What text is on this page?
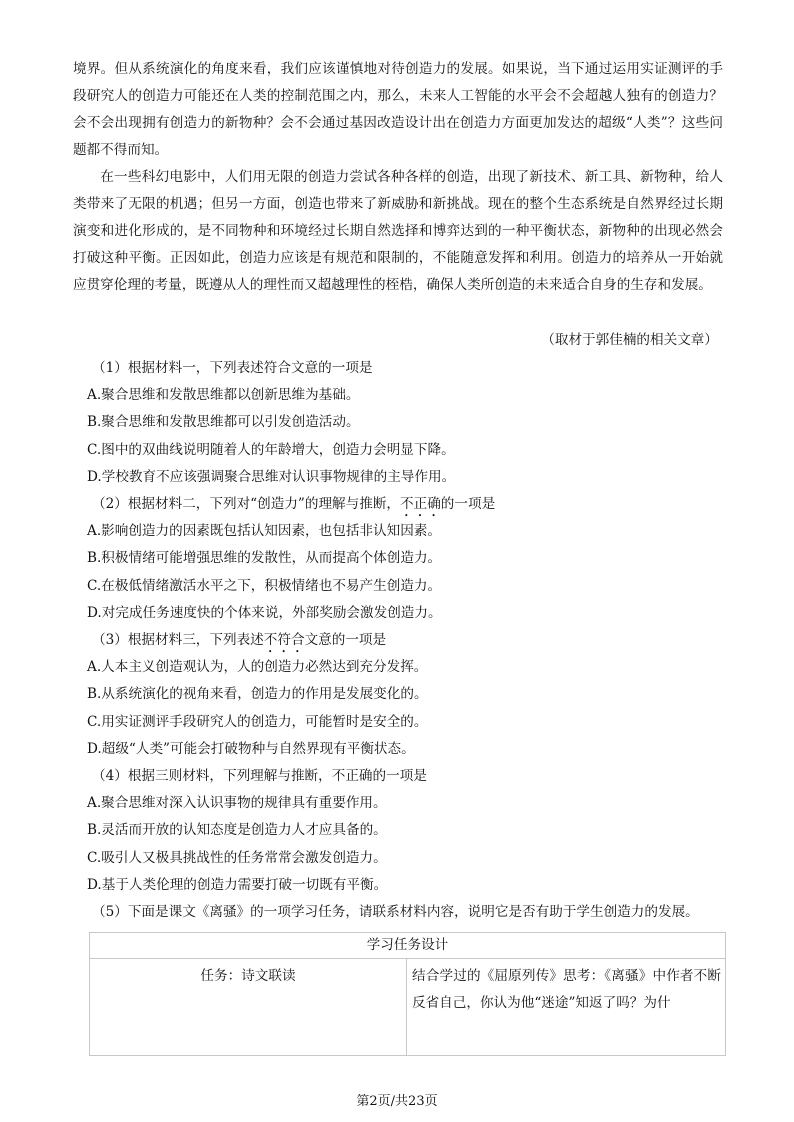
境界。但从系统演化的角度来看，我们应该谨慎地对待创造力的发展。如果说，当下通过运用实证测评的手段研究人的创造力可能还在人类的控制范围之内，那么，未来人工智能的水平会不会超越人独有的创造力？会不会出现拥有创造力的新物种？会不会通过基因改造设计出在创造力方面更加发达的超级“人类”？这些问题都不得而知。

在一些科幻电影中，人们用无限的创造力尝试各种各样的创造，出现了新技术、新工具、新物种，给人类带来了无限的机遇；但另一方面，创造也带来了新威胁和新挑战。现在的整个生态系统是自然界经过长期演变和进化形成的，是不同物种和环境经过长期自然选择和博弈达到的一种平衡状态，新物种的出现必然会打破这种平衡。正因如此，创造力应该是有规范和限制的，不能随意发挥和利用。创造力的培养从一开始就应贯穿伦理的考量，既遵从人的理性而又超越理性的桎梏，确保人类所创造的未来适合自身的生存和发展。

（取材于郭佳楠的相关文章）
（1）根据材料一，下列表述符合文意的一项是
A.聚合思维和发散思维都以创新思维为基础。
B.聚合思维和发散思维都可以引发创造活动。
C.图中的双曲线说明随着人的年龄增大，创造力会明显下降。
D.学校教育不应该强调聚合思维对认识事物规律的主导作用。
（2）根据材料二，下列对“创造力”的理解与推断，不正确的一项是
A.影响创造力的因素既包括认知因素，也包括非认知因素。
B.积极情绪可能增强思维的发散性，从而提高个体创造力。
C.在极低情绪激活水平之下，积极情绪也不易产生创造力。
D.对完成任务速度快的个体来说，外部奖励会激发创造力。
（3）根据材料三，下列表述不符合文意的一项是
A.人本主义创造观认为，人的创造力必然达到充分发挥。
B.从系统演化的视角来看，创造力的作用是发展变化的。
C.用实证测评手段研究人的创造力，可能暂时是安全的。
D.超级“人类”可能会打破物种与自然界现有平衡状态。
（4）根据三则材料，下列理解与推断，不正确的一项是
A.聚合思维对深入认识事物的规律具有重要作用。
B.灵活而开放的认知态度是创造力人才应具备的。
C.吸引人又极具挑战性的任务常常会激发创造力。
D.基于人类伦理的创造力需要打破一切既有平衡。
（5）下面是课文《离骚》的一项学习任务，请联系材料内容，说明它是否有助于学生创造力的发展。
学习任务设计
任务：诗文联读	结合学过的《屈原列传》思考：《离骚》中作者不断反省自己，你认为他“迷途”知返了吗？为什
第2页/共23页
